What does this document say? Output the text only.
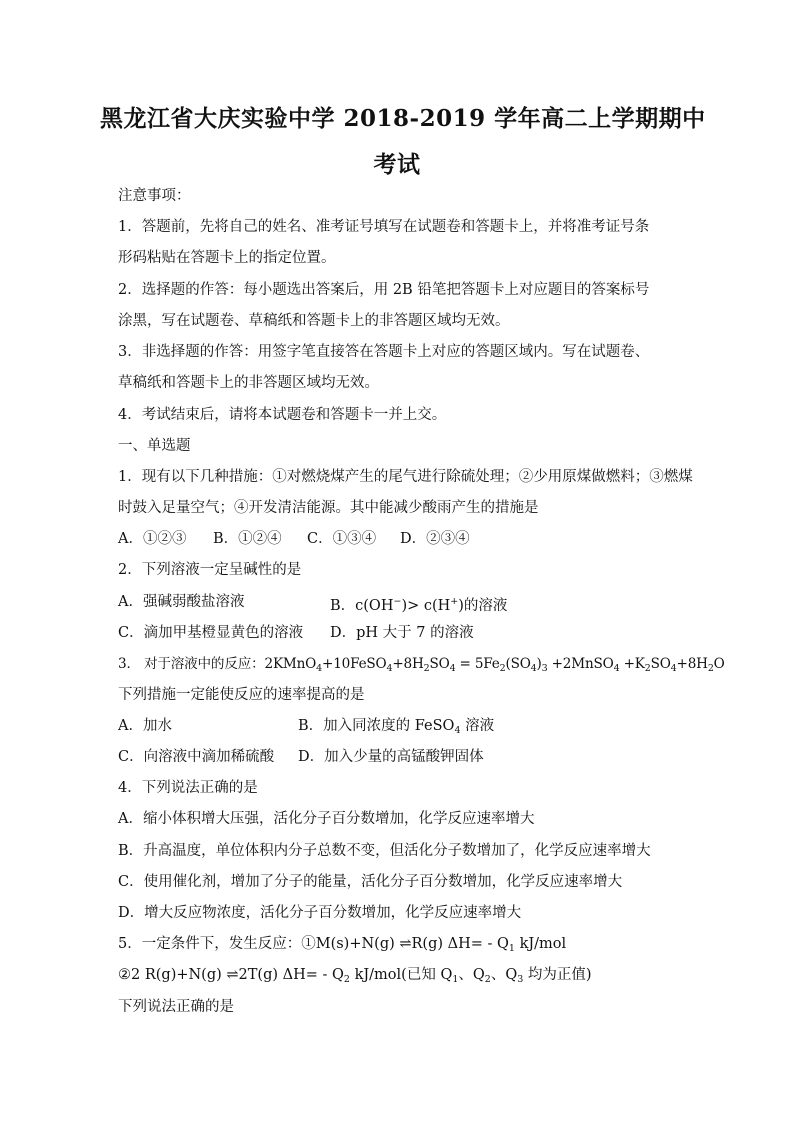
黑龙江省大庆实验中学 2018-2019 学年高二上学期期中
考试
注意事项：
1．答题前，先将自己的姓名、准考证号填写在试题卷和答题卡上，并将准考证号条
形码粘贴在答题卡上的指定位置。
2．选择题的作答：每小题选出答案后，用 2B 铅笔把答题卡上对应题目的答案标号
涂黑，写在试题卷、草稿纸和答题卡上的非答题区域均无效。
3．非选择题的作答：用签字笔直接答在答题卡上对应的答题区域内。写在试题卷、
草稿纸和答题卡上的非答题区域均无效。
4．考试结束后，请将本试题卷和答题卡一并上交。
一、单选题
1．现有以下几种措施：①对燃烧煤产生的尾气进行除硫处理；②少用原煤做燃料；③燃煤
时鼓入足量空气；④开发清洁能源。其中能减少酸雨产生的措施是
A．①②③ B．①②④ C．①③④ D．②③④
2．下列溶液一定呈碱性的是
A．强碱弱酸盐溶液	B．c(OH−)> c(H+)的溶液
C．滴加甲基橙显黄色的溶液 D．pH 大于 7 的溶液
3． 对于溶液中的反应：$2KMnO_4+10FeSO_4+8H_2SO_4 = 5Fe_2(SO_4)_3$ +2MnSO$_4$ $+K_2SO_4+8H_2O$
下列措施一定能使反应的速率提高的是
A．加水	B．加入同浓度的 FeSO$_4$ 溶液
C．向溶液中滴加稀硫酸 D．加入少量的高锰酸钾固体
4．下列说法正确的是
A．缩小体积增大压强，活化分子百分数增加，化学反应速率增大
B．升高温度，单位体积内分子总数不变，但活化分子数增加了，化学反应速率增大
C．使用催化剂，增加了分子的能量，活化分子百分数增加，化学反应速率增大
D．增大反应物浓度，活化分子百分数增加，化学反应速率增大
5．一定条件下，发生反应：①M(s)+N(g) ⇌R(g) $\Delta H= - Q_1$ kJ/mol
②2 R(g)+N(g) ⇌2T(g) $\Delta H= - Q_2$ kJ/mol(已知 $Q_1$、$Q_2$、$Q_3$ 均为正值)
下列说法正确的是
